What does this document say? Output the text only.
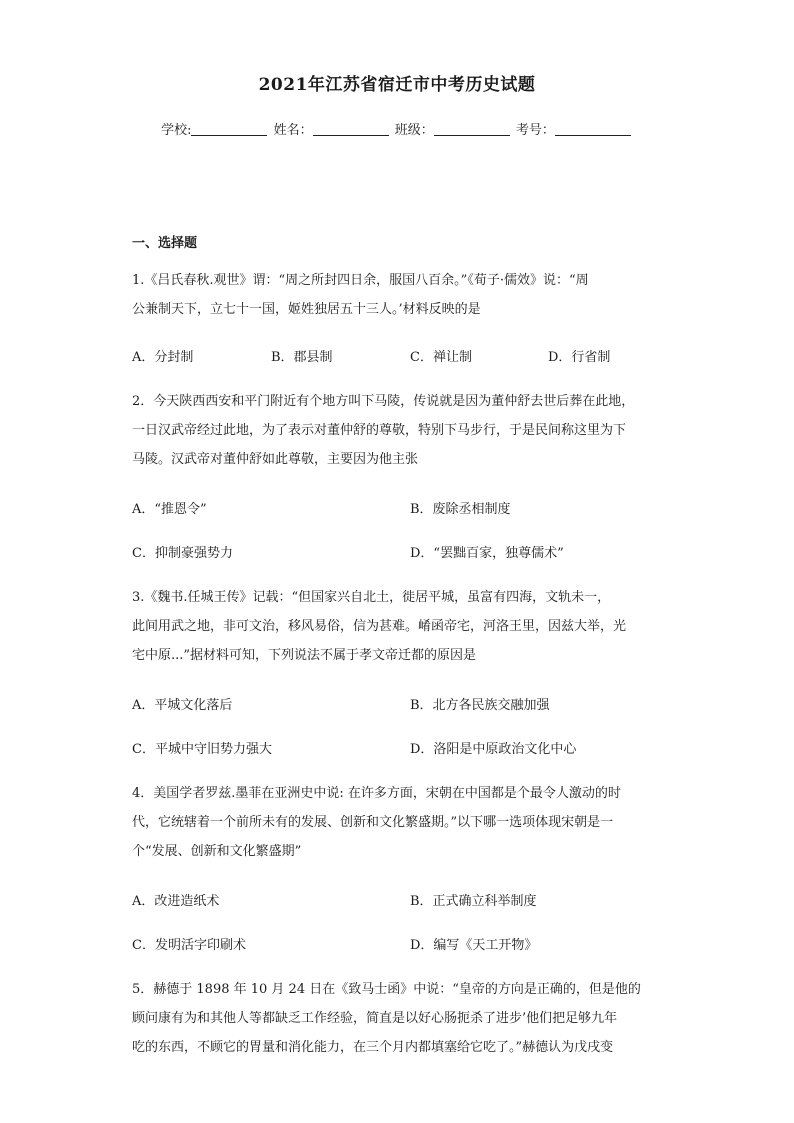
2021年江苏省宿迁市中考历史试题
学校:	姓名：	班级：	考号：
一、选择题
1.《吕氏春秋.观世》谓：“周之所封四日余，服国八百余。”《荀子·儒效》说：“周
公兼制天下，立七十一国，姬姓独居五十三人。’材料反映的是
A．分封制	B．郡县制	C．禅让制	D．行省制
2．今天陕西西安和平门附近有个地方叫下马陵，传说就是因为董仲舒去世后葬在此地，
一日汉武帝经过此地，为了表示对董仲舒的尊敬，特别下马步行，于是民间称这里为下
马陵。汉武帝对董仲舒如此尊敬，主要因为他主张
A．“推恩令”	B．废除丞相制度
C．抑制豪强势力	D．“罢黜百家，独尊儒术”
3.《魏书.任城王传》记载：“但国家兴自北土，徙居平城，虽富有四海，文轨未一，
此间用武之地，非可文治，移风易俗，信为甚难。崤函帝宅，河洛王里，因兹大举，光
宅中原...”据材料可知，下列说法不属于孝文帝迁都的原因是
A．平城文化落后	B．北方各民族交融加强
C．平城中守旧势力强大	D．洛阳是中原政治文化中心
4．美国学者罗兹.墨菲在亚洲史中说: 在许多方面，宋朝在中国都是个最令人激动的时
代，它统辖着一个前所未有的发展、创新和文化繁盛期。”以下哪一选项体现宋朝是一
个“发展、创新和文化繁盛期”
A．改进造纸术	B．正式确立科举制度
C．发明活字印刷术	D．编写《天工开物》
5．赫德于 1898 年 10 月 24 日在《致马士函》中说：“皇帝的方向是正确的，但是他的
顾问康有为和其他人等都缺乏工作经验，简直是以好心肠扼杀了进步’他们把足够九年
吃的东西，不顾它的胃量和消化能力，在三个月内都填塞给它吃了。”赫德认为戊戌变
